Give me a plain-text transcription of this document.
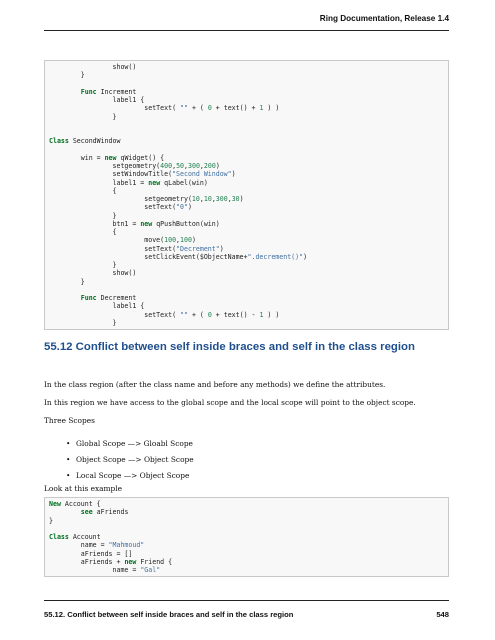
Ring Documentation, Release 1.4
show()
}

Func Increment
label1 {
setText( "" + ( 0 + text() + 1 ) )
}

Class SecondWindow

win = new qWidget() {
setgeometry(400,50,300,200)
setWindowTitle("Second Window")
label1 = new qLabel(win)
{
setgeometry(10,10,300,30)
setText("0")
}
btn1 = new qPushButton(win)
{
move(100,100)
setText("Decrement")
setClickEvent($ObjectName+".decrement()")
}
show()
}

Func Decrement
label1 {
setText( "" + ( 0 + text() - 1 ) )
}
55.12 Conflict between self inside braces and self in the class region
In the class region (after the class name and before any methods) we define the attributes.
In this region we have access to the global scope and the local scope will point to the object scope.
Three Scopes
• Global Scope —> Gloabl Scope
• Object Scope —> Object Scope
• Local Scope —> Object Scope
Look at this example
New Account {
see aFriends
}

Class Account
name = "Mahmoud"
aFriends = []
aFriends + new Friend {
name = "Gal"
55.12. Conflict between self inside braces and self in the class region	548
